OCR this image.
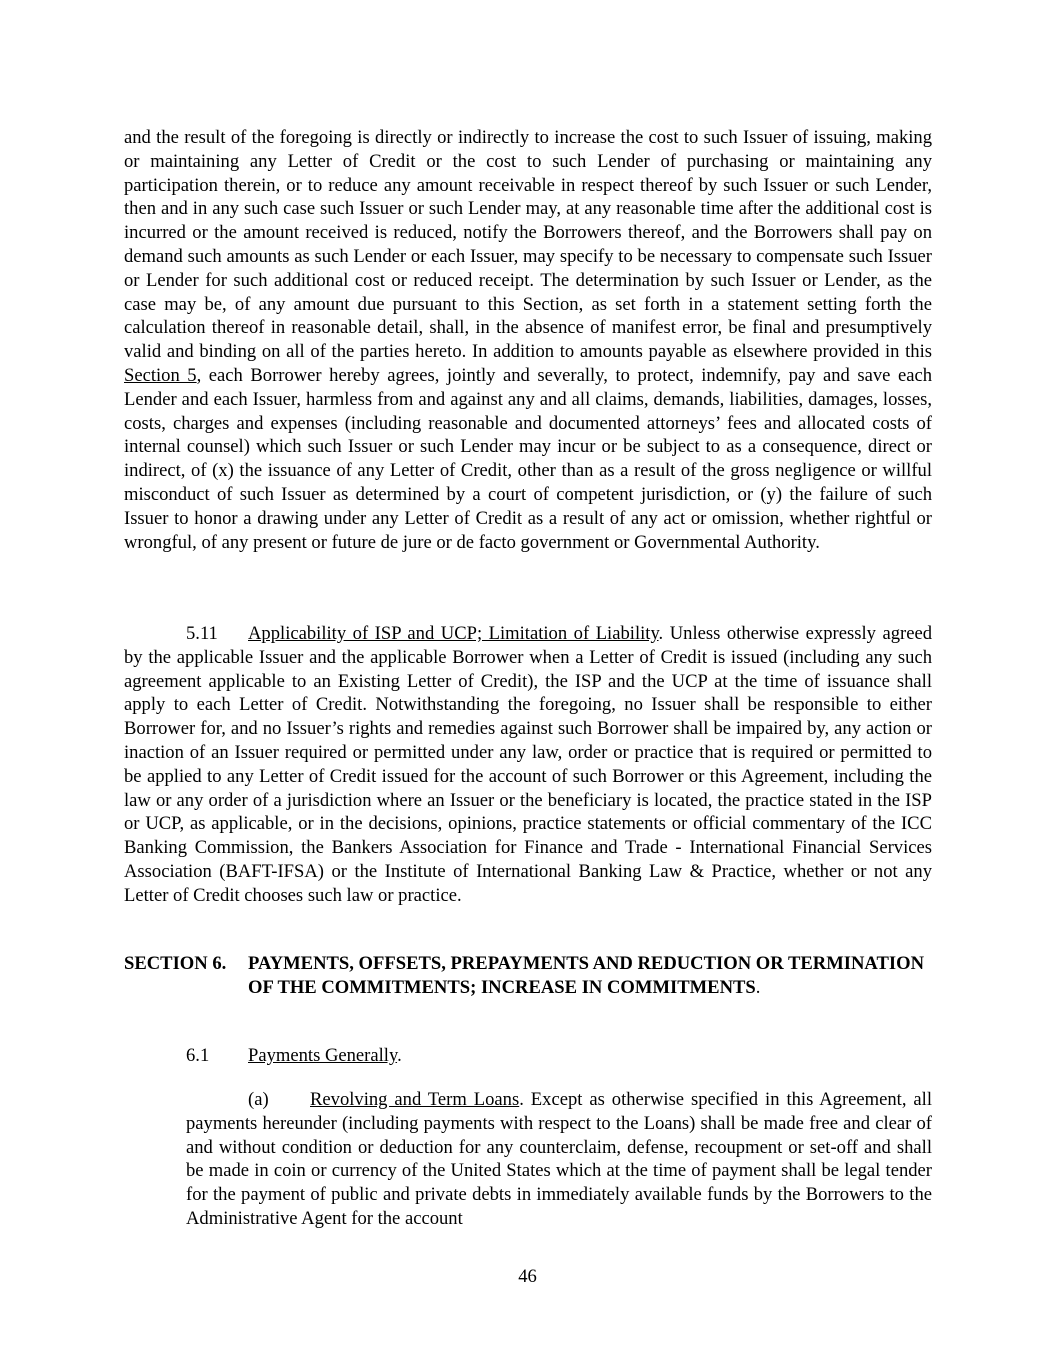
and the result of the foregoing is directly or indirectly to increase the cost to such Issuer of issuing, making or maintaining any Letter of Credit or the cost to such Lender of purchasing or maintaining any participation therein, or to reduce any amount receivable in respect thereof by such Issuer or such Lender, then and in any such case such Issuer or such Lender may, at any reasonable time after the additional cost is incurred or the amount received is reduced, notify the Borrowers thereof, and the Borrowers shall pay on demand such amounts as such Lender or each Issuer, may specify to be necessary to compensate such Issuer or Lender for such additional cost or reduced receipt. The determination by such Issuer or Lender, as the case may be, of any amount due pursuant to this Section, as set forth in a statement setting forth the calculation thereof in reasonable detail, shall, in the absence of manifest error, be final and presumptively valid and binding on all of the parties hereto. In addition to amounts payable as elsewhere provided in this Section 5, each Borrower hereby agrees, jointly and severally, to protect, indemnify, pay and save each Lender and each Issuer, harmless from and against any and all claims, demands, liabilities, damages, losses, costs, charges and expenses (including reasonable and documented attorneys’ fees and allocated costs of internal counsel) which such Issuer or such Lender may incur or be subject to as a consequence, direct or indirect, of (x) the issuance of any Letter of Credit, other than as a result of the gross negligence or willful misconduct of such Issuer as determined by a court of competent jurisdiction, or (y) the failure of such Issuer to honor a drawing under any Letter of Credit as a result of any act or omission, whether rightful or wrongful, of any present or future de jure or de facto government or Governmental Authority.

5.11 Applicability of ISP and UCP; Limitation of Liability. Unless otherwise expressly agreed by the applicable Issuer and the applicable Borrower when a Letter of Credit is issued (including any such agreement applicable to an Existing Letter of Credit), the ISP and the UCP at the time of issuance shall apply to each Letter of Credit. Notwithstanding the foregoing, no Issuer shall be responsible to either Borrower for, and no Issuer’s rights and remedies against such Borrower shall be impaired by, any action or inaction of an Issuer required or permitted under any law, order or practice that is required or permitted to be applied to any Letter of Credit issued for the account of such Borrower or this Agreement, including the law or any order of a jurisdiction where an Issuer or the beneficiary is located, the practice stated in the ISP or UCP, as applicable, or in the decisions, opinions, practice statements or official commentary of the ICC Banking Commission, the Bankers Association for Finance and Trade - International Financial Services Association (BAFT-IFSA) or the Institute of International Banking Law & Practice, whether or not any Letter of Credit chooses such law or practice.

SECTION 6.	PAYMENTS, OFFSETS, PREPAYMENTS AND REDUCTION OR TERMINATION OF THE COMMITMENTS; INCREASE IN COMMITMENTS.

6.1 Payments Generally.

(a) Revolving and Term Loans. Except as otherwise specified in this Agreement, all payments hereunder (including payments with respect to the Loans) shall be made free and clear of and without condition or deduction for any counterclaim, defense, recoupment or set-off and shall be made in coin or currency of the United States which at the time of payment shall be legal tender for the payment of public and private debts in immediately available funds by the Borrowers to the Administrative Agent for the account

46
